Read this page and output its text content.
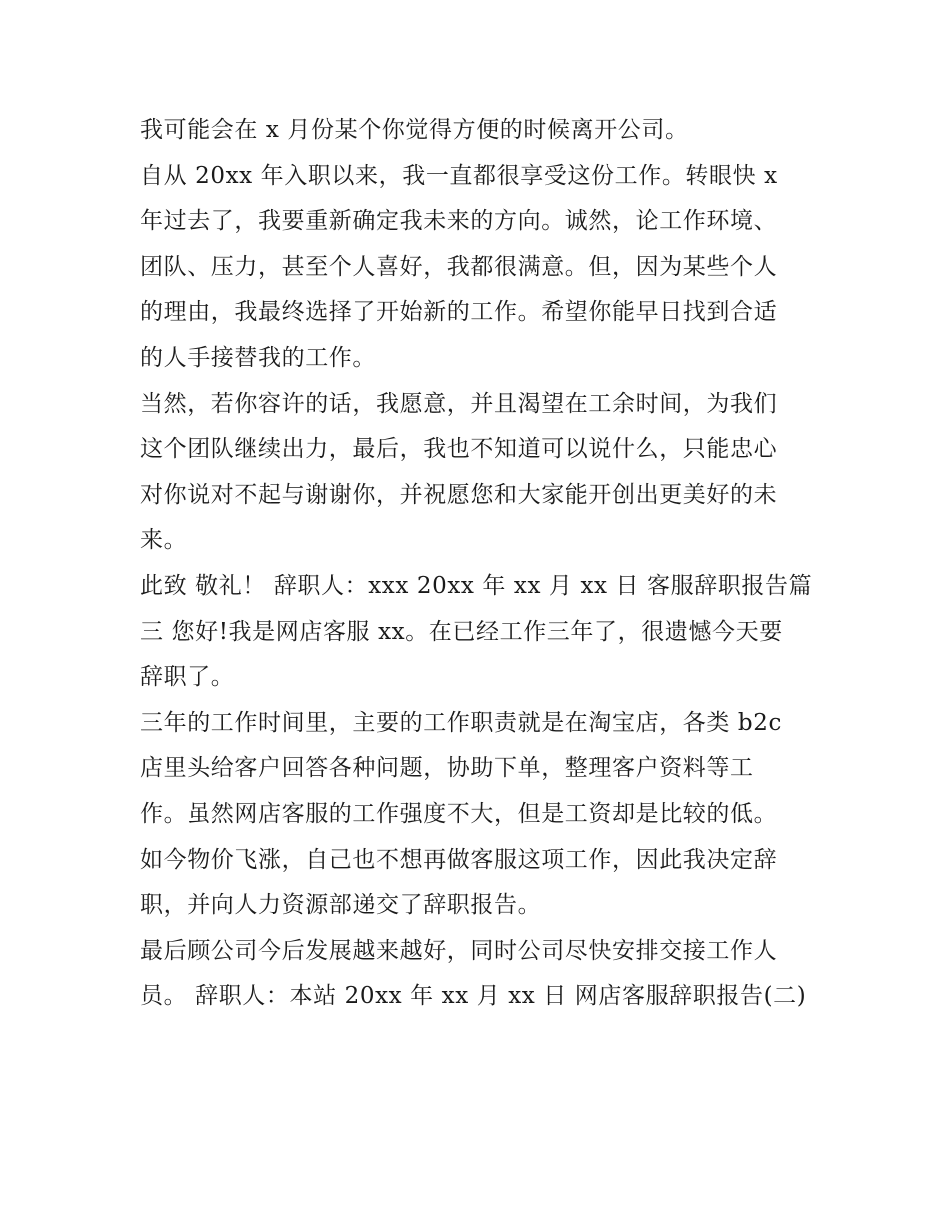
我可能会在 x 月份某个你觉得方便的时候离开公司。
自从 20xx 年入职以来，我一直都很享受这份工作。转眼快 x
年过去了，我要重新确定我未来的方向。诚然，论工作环境、
团队、压力，甚至个人喜好，我都很满意。但，因为某些个人
的理由，我最终选择了开始新的工作。希望你能早日找到合适
的人手接替我的工作。
当然，若你容许的话，我愿意，并且渴望在工余时间，为我们
这个团队继续出力，最后，我也不知道可以说什么，只能忠心
对你说对不起与谢谢你，并祝愿您和大家能开创出更美好的未
来。
此致 敬礼！ 辞职人：xxx 20xx 年 xx 月 xx 日 客服辞职报告篇
三 您好!我是网店客服 xx。在已经工作三年了，很遗憾今天要
辞职了。
三年的工作时间里，主要的工作职责就是在淘宝店，各类 b2c
店里头给客户回答各种问题，协助下单，整理客户资料等工
作。虽然网店客服的工作强度不大，但是工资却是比较的低。
如今物价飞涨，自己也不想再做客服这项工作，因此我决定辞
职，并向人力资源部递交了辞职报告。
最后顾公司今后发展越来越好，同时公司尽快安排交接工作人
员。 辞职人：本站 20xx 年 xx 月 xx 日 网店客服辞职报告(二)
